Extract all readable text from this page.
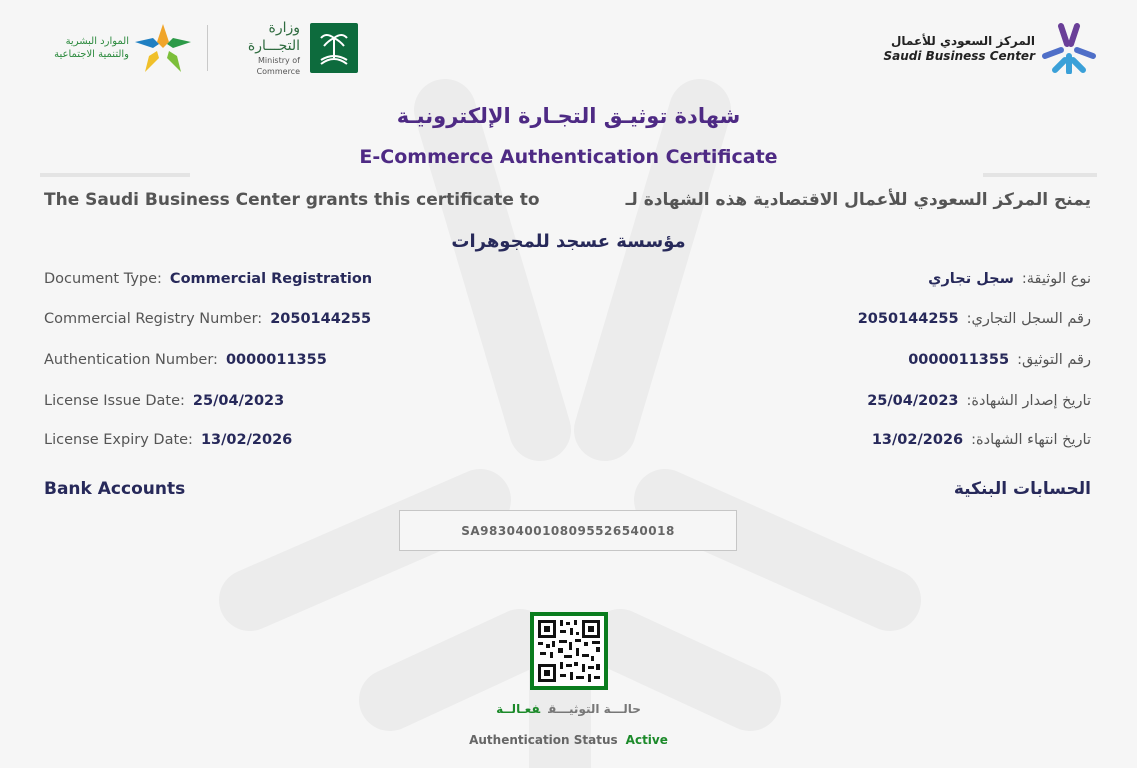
الموارد البشرية
والتنمية الاجتماعية
وزارة التجـــارة
Ministry of Commerce
المركز السعودي للأعمال
Saudi Business Center
شهادة توثيـق التجـارة الإلكترونيـة
E-Commerce Authentication Certificate
The Saudi Business Center grants this certificate to	يمنح المركز السعودي للأعمال الاقتصادية هذه الشهادة لـ
مؤسسة عسجد للمجوهرات
Document Type: Commercial Registration	نوع الوثيقة:سجل تجاري
Commercial Registry Number: 2050144255	رقم السجل التجاري:2050144255
Authentication Number: 0000011355	رقم التوثيق:0000011355
License Issue Date: 25/04/2023	تاريخ إصدار الشهادة:25/04/2023
License Expiry Date: 13/02/2026	تاريخ انتهاء الشهادة:13/02/2026
Bank Accounts	الحسابات البنكية
SA9830400108095526540018
حالـــة التوثيـــقفعـالــة
Authentication Status Active
